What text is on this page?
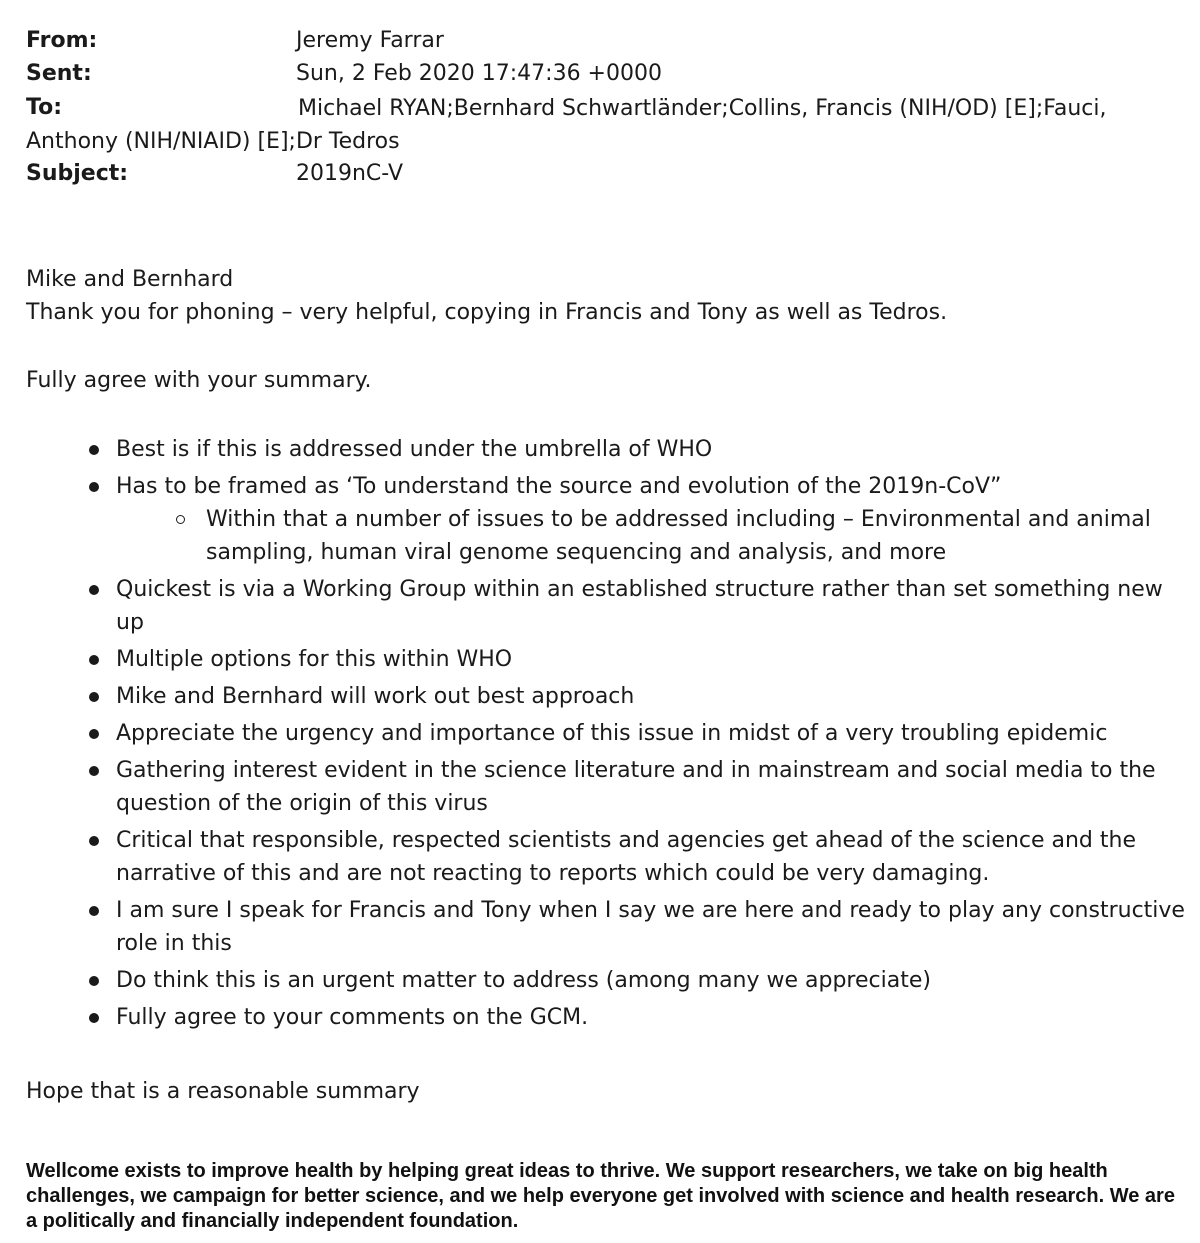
From:	Jeremy Farrar
Sent:	Sun, 2 Feb 2020 17:47:36 +0000
To:	Michael RYAN;Bernhard Schwartländer;Collins, Francis (NIH/OD) [E];Fauci, Anthony (NIH/NIAID) [E];Dr Tedros
Subject:	2019nC-V
Mike and Bernhard
Thank you for phoning – very helpful, copying in Francis and Tony as well as Tedros.
Fully agree with your summary.
Best is if this is addressed under the umbrella of WHO
Has to be framed as ‘To understand the source and evolution of the 2019n-CoV”
Within that a number of issues to be addressed including – Environmental and animal sampling, human viral genome sequencing and analysis, and more
Quickest is via a Working Group within an established structure rather than set something new up
Multiple options for this within WHO
Mike and Bernhard will work out best approach
Appreciate the urgency and importance of this issue in midst of a very troubling epidemic
Gathering interest evident in the science literature and in mainstream and social media to the question of the origin of this virus
Critical that responsible, respected scientists and agencies get ahead of the science and the narrative of this and are not reacting to reports which could be very damaging.
I am sure I speak for Francis and Tony when I say we are here and ready to play any constructive role in this
Do think this is an urgent matter to address (among many we appreciate)
Fully agree to your comments on the GCM.
Hope that is a reasonable summary
Wellcome exists to improve health by helping great ideas to thrive. We support researchers, we take on big health challenges, we campaign for better science, and we help everyone get involved with science and health research. We are a politically and financially independent foundation.
